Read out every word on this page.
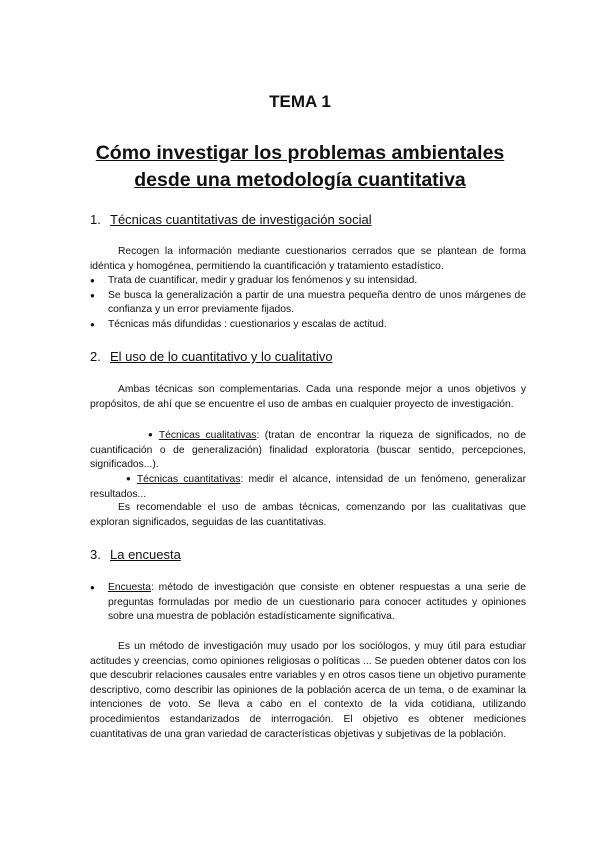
TEMA 1
Cómo investigar los problemas ambientales
desde una metodología cuantitativa
1. Técnicas cuantitativas de investigación social
Recogen la información mediante cuestionarios cerrados que se plantean de forma idéntica y homogénea, permitiendo la cuantificación y tratamiento estadístico.
● Trata de cuantificar, medir y graduar los fenómenos y su intensidad.
● Se busca la generalización a partir de una muestra pequeña dentro de unos márgenes de confianza y un error previamente fijados.
● Técnicas más difundidas : cuestionarios y escalas de actitud.
2. El uso de lo cuantitativo y lo cualitativo
Ambas técnicas son complementarias. Cada una responde mejor a unos objetivos y propósitos, de ahí que se encuentre el uso de ambas en cualquier proyecto de investigación.
● Técnicas cualitativas: (tratan de encontrar la riqueza de significados, no de cuantificación o de generalización) finalidad exploratoria (buscar sentido, percepciones, significados...).
● Técnicas cuantitativas: medir el alcance, intensidad de un fenómeno, generalizar resultados...
Es recomendable el uso de ambas técnicas, comenzando por las cualitativas que exploran significados, seguidas de las cuantitativas.
3. La encuesta
● Encuesta: método de investigación que consiste en obtener respuestas a una serie de preguntas formuladas por medio de un cuestionario para conocer actitudes y opiniones sobre una muestra de población estadísticamente significativa.
Es un método de investigación muy usado por los sociólogos, y muy útil para estudiar actitudes y creencias, como opiniones religiosas o políticas ... Se pueden obtener datos con los que descubrir relaciones causales entre variables y en otros casos tiene un objetivo puramente descriptivo, como describir las opiniones de la población acerca de un tema, o de examinar la intenciones de voto. Se lleva a cabo en el contexto de la vida cotidiana, utilizando procedimientos estandarizados de interrogación. El objetivo es obtener mediciones cuantitativas de una gran variedad de características objetivas y subjetivas de la población.
